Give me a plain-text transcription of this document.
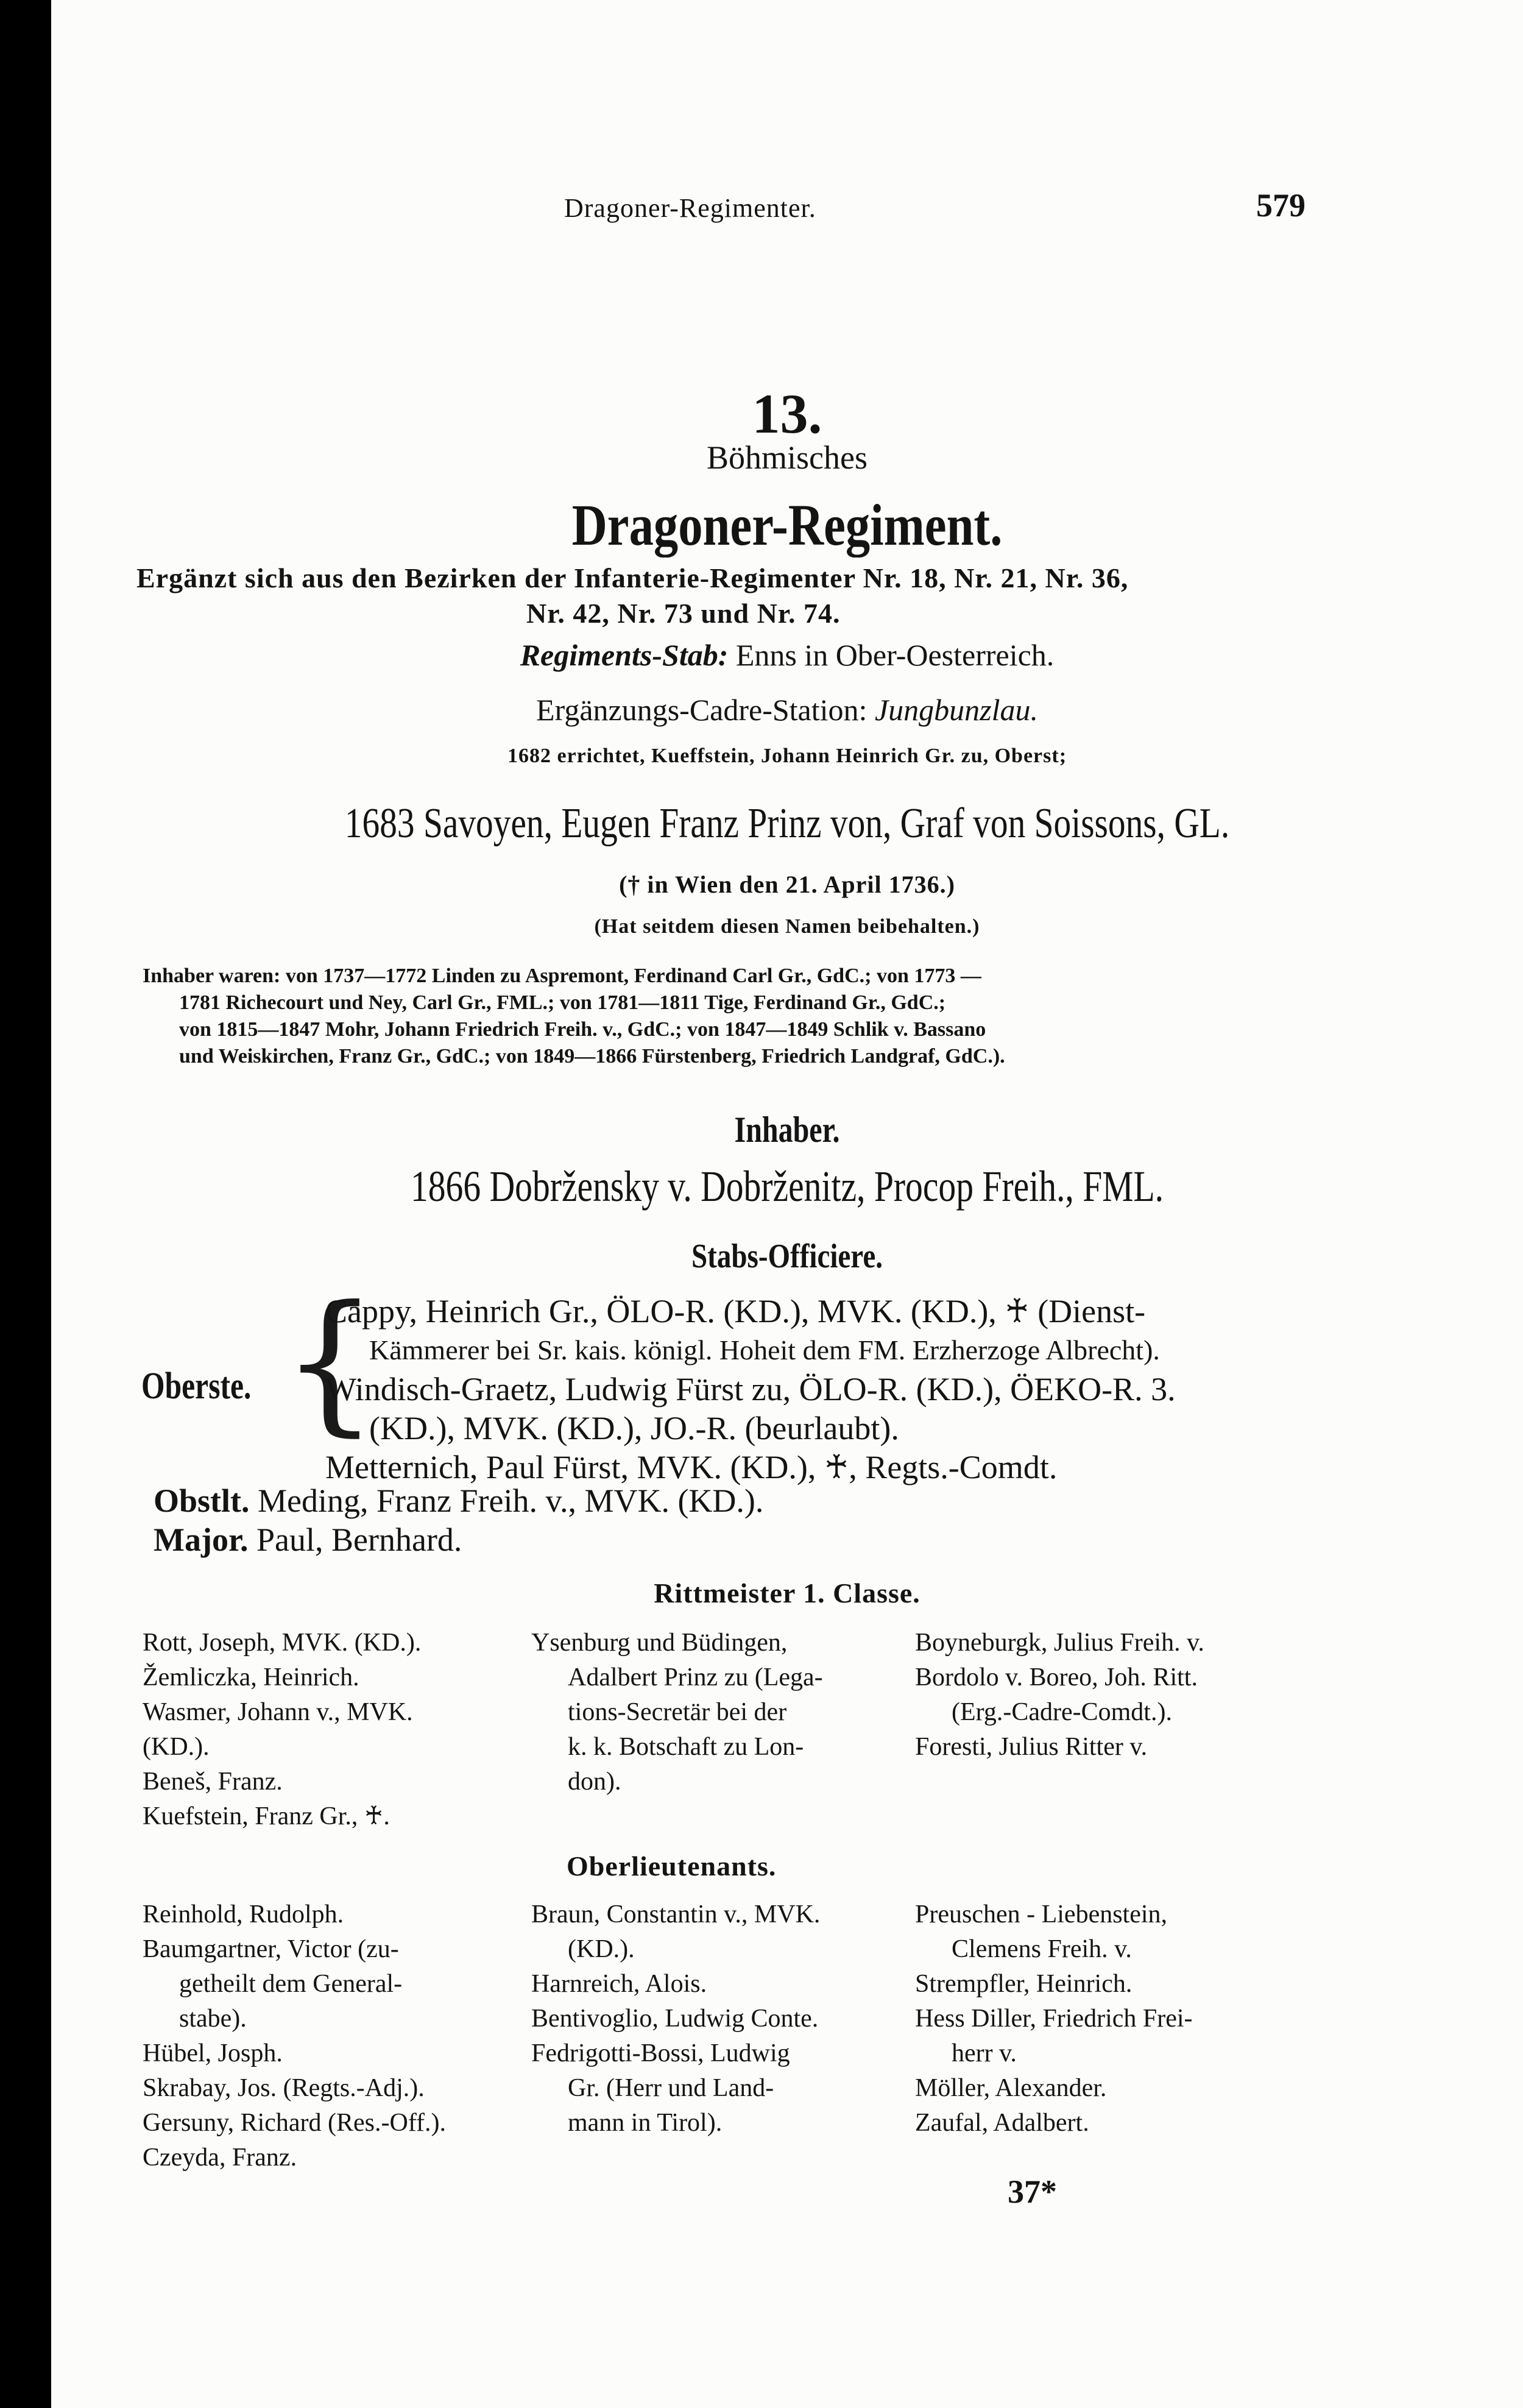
Dragoner-Regimenter.	579
13.
Böhmisches
Dragoner-Regiment.
Ergänzt sich aus den Bezirken der Infanterie-Regimenter Nr. 18, Nr. 21, Nr. 36,
Nr. 42, Nr. 73 und Nr. 74.
Regiments-Stab: Enns in Ober-Oesterreich.
Ergänzungs-Cadre-Station: Jungbunzlau.
1682 errichtet, Kueffstein, Johann Heinrich Gr. zu, Oberst;
1683 Savoyen, Eugen Franz Prinz von, Graf von Soissons, GL.
(† in Wien den 21. April 1736.)
(Hat seitdem diesen Namen beibehalten.)
Inhaber waren: von 1737—1772 Linden zu Aspremont, Ferdinand Carl Gr., GdC.; von 1773 —
1781 Richecourt und Ney, Carl Gr., FML.; von 1781—1811 Tige, Ferdinand Gr., GdC.;
von 1815—1847 Mohr, Johann Friedrich Freih. v., GdC.; von 1847—1849 Schlik v. Bassano
und Weiskirchen, Franz Gr., GdC.; von 1849—1866 Fürstenberg, Friedrich Landgraf, GdC.).
Inhaber.
1866 Dobržensky v. Dobrženitz, Procop Freih., FML.
Stabs-Officiere.
Oberste. {
Cappy, Heinrich Gr., ÖLO-R. (KD.), MVK. (KD.), ♰ (Dienst-
Kämmerer bei Sr. kais. königl. Hoheit dem FM. Erzherzoge Albrecht).
Windisch-Graetz, Ludwig Fürst zu, ÖLO-R. (KD.), ÖEKO-R. 3.
(KD.), MVK. (KD.), JO.-R. (beurlaubt).
Metternich, Paul Fürst, MVK. (KD.), ♰, Regts.-Comdt.
Obstlt. Meding, Franz Freih. v., MVK. (KD.).
Major. Paul, Bernhard.
Rittmeister 1. Classe.
Rott, Joseph, MVK. (KD.).
Žemliczka, Heinrich.
Wasmer, Johann v., MVK.
(KD.).
Beneš, Franz.
Kuefstein, Franz Gr., ♰.
Ysenburg und Büdingen,
Adalbert Prinz zu (Lega-
tions-Secretär bei der
k. k. Botschaft zu Lon-
don).
Boyneburgk, Julius Freih. v.
Bordolo v. Boreo, Joh. Ritt.
(Erg.-Cadre-Comdt.).
Foresti, Julius Ritter v.
Oberlieutenants.
Reinhold, Rudolph.
Baumgartner, Victor (zu-
getheilt dem General-
stabe).
Hübel, Josph.
Skrabay, Jos. (Regts.-Adj.).
Gersuny, Richard (Res.-Off.).
Czeyda, Franz.
Braun, Constantin v., MVK.
(KD.).
Harnreich, Alois.
Bentivoglio, Ludwig Conte.
Fedrigotti-Bossi, Ludwig
Gr. (Herr und Land-
mann in Tirol).
Preuschen - Liebenstein,
Clemens Freih. v.
Strempfler, Heinrich.
Hess Diller, Friedrich Frei-
herr v.
Möller, Alexander.
Zaufal, Adalbert.
37*
